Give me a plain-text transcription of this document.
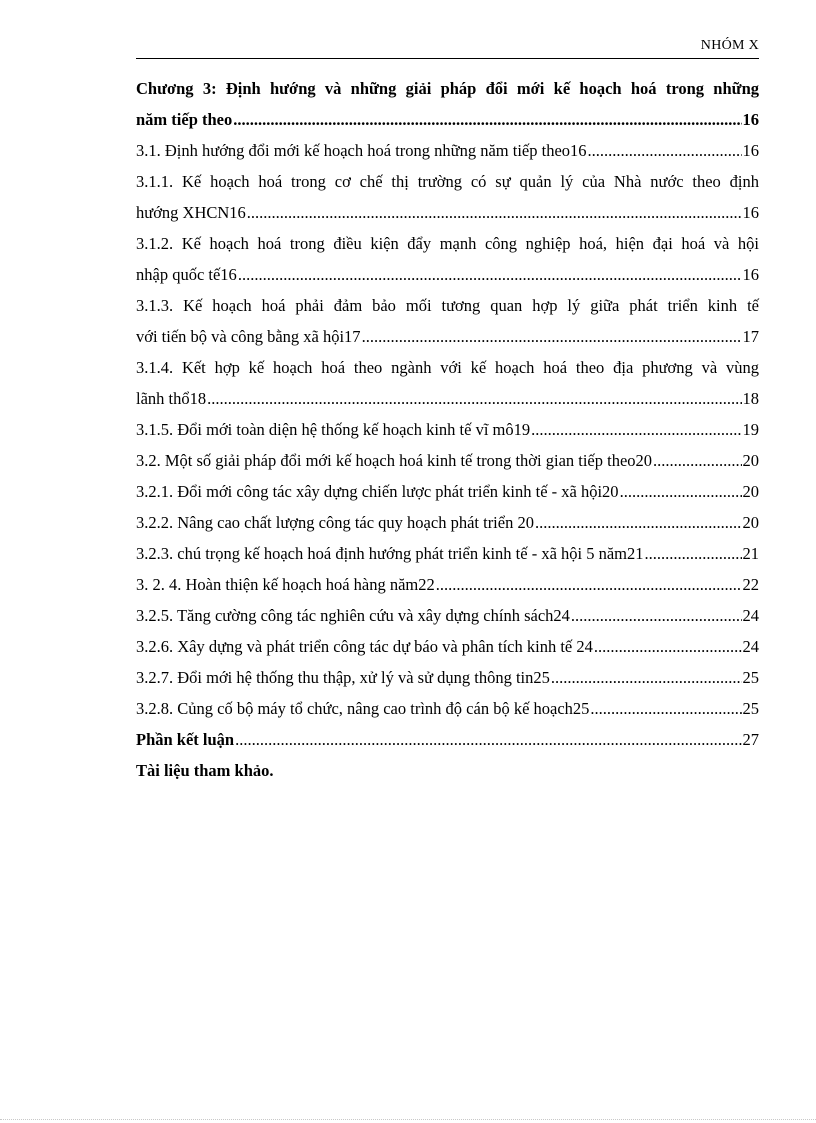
NHÓM X
Chương 3: Định hướng và những giải pháp đổi mới kế hoạch hoá trong những
năm tiếp theo .....	16
3.1. Định hướng đổi mới kế hoạch hoá trong những năm tiếp theo16 .....	16
3.1.1. Kế hoạch hoá trong cơ chế thị trường có sự quản lý của Nhà nước theo định
hướng XHCN16 .....	16
3.1.2. Kế hoạch hoá trong điều kiện đẩy mạnh công nghiệp hoá, hiện đại hoá và hội
nhập quốc tế16 .....	16
3.1.3. Kế hoạch hoá phải đảm bảo mối tương quan hợp lý giữa phát triển kinh tế
với tiến bộ và công bằng xã hội17 .....	17
3.1.4. Kết hợp kế hoạch hoá theo ngành với kế hoạch hoá theo địa phương và vùng
lãnh thổ18 .....	18
3.1.5. Đổi mới toàn diện hệ thống kế hoạch kinh tế vĩ mô19 .....	19
3.2. Một số giải pháp đổi mới kế hoạch hoá kinh tế trong thời gian tiếp theo20 .....	20
3.2.1. Đổi mới công tác xây dựng chiến lược phát triển kinh tế - xã hội20 .....	20
3.2.2. Nâng cao chất lượng công tác quy hoạch phát triển 20 .....	20
3.2.3. chú trọng kế hoạch hoá định hướng phát triển kinh tế - xã hội 5 năm21 .....	21
3. 2. 4. Hoàn thiện kế hoạch hoá hàng năm22 .....	22
3.2.5. Tăng cường công tác nghiên cứu và xây dựng chính sách24 .....	24
3.2.6. Xây dựng và phát triển công tác dự báo và phân tích kinh tế 24 .....	24
3.2.7. Đổi mới hệ thống thu thập, xử lý và sử dụng thông tin25 .....	25
3.2.8. Củng cố bộ máy tổ chức, nâng cao trình độ cán bộ kế hoạch25 .....	25
Phần kết luận .....	27
Tài liệu tham khảo.
